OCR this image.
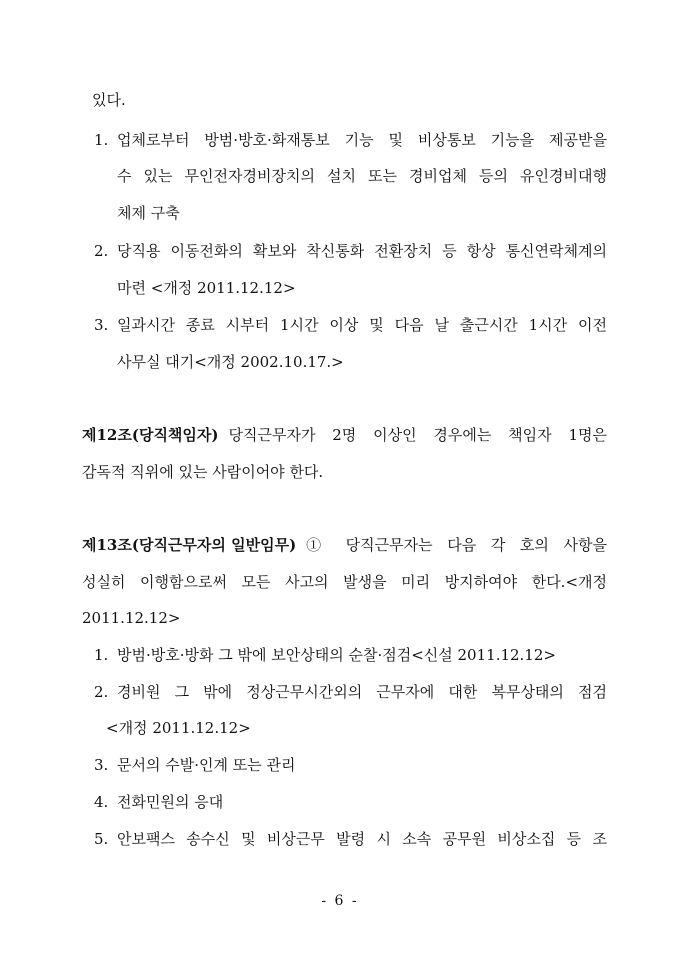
있다.
1. 업체로부터 방범·방호·화재통보 기능 및 비상통보 기능을 제공받을
수 있는 무인전자경비장치의 설치 또는 경비업체 등의 유인경비대행
체제 구축
2. 당직용 이동전화의 확보와 착신통화 전환장치 등 항상 통신연락체계의
마련 <개정 2011.12.12>
3. 일과시간 종료 시부터 1시간 이상 및 다음 날 출근시간 1시간 이전
사무실 대기<개정 2002.10.17.>
제12조(당직책임자) 당직근무자가 2명 이상인 경우에는 책임자 1명은
감독적 직위에 있는 사람이어야 한다.
제13조(당직근무자의 일반임무) ① 당직근무자는 다음 각 호의 사항을
성실히 이행함으로써 모든 사고의 발생을 미리 방지하여야 한다.<개정
2011.12.12>
1. 방범·방호·방화 그 밖에 보안상태의 순찰·점검<신설 2011.12.12>
2. 경비원 그 밖에 정상근무시간외의 근무자에 대한 복무상태의 점검
<개정 2011.12.12>
3. 문서의 수발·인계 또는 관리
4. 전화민원의 응대
5. 안보팩스 송수신 및 비상근무 발령 시 소속 공무원 비상소집 등 조
- 6 -
